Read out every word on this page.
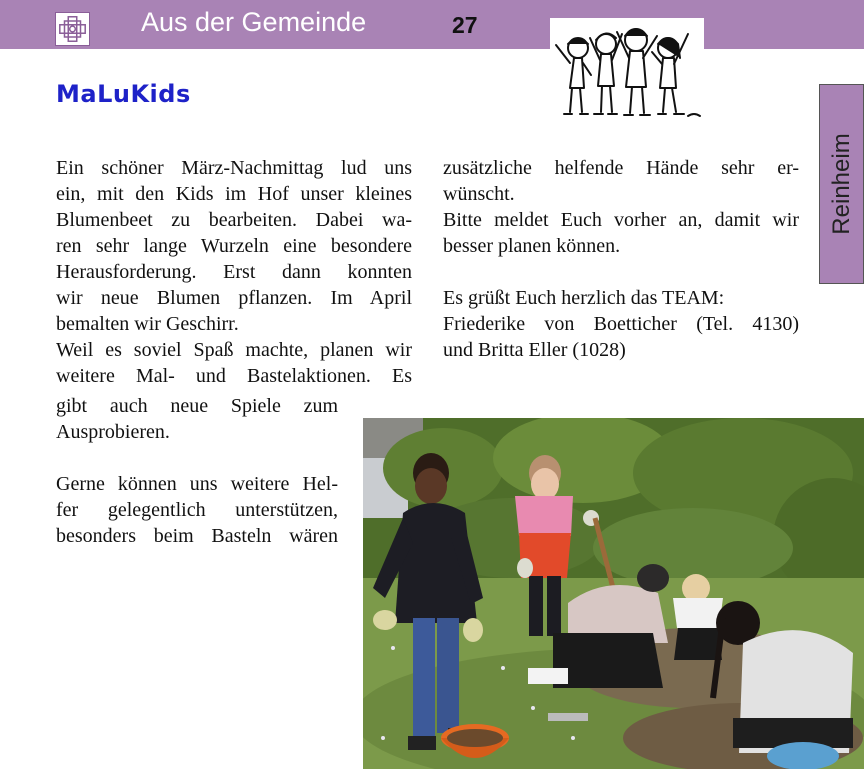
Aus der Gemeinde	27
Reinheim
MaLuKids

Ein schöner März-Nachmittag lud uns

ein, mit den Kids im Hof unser kleines

Blumenbeet zu bearbeiten. Dabei wa-

ren sehr lange Wurzeln eine besondere

Herausforderung. Erst dann konnten

wir neue Blumen pflanzen. Im April

bemalten wir Geschirr.

Weil es soviel Spaß machte, planen wir

weitere Mal- und Bastelaktionen. Es

gibt auch neue Spiele zum

Ausprobieren.

Gerne können uns weitere Hel-

fer gelegentlich unterstützen,

besonders beim Basteln wären

zusätzliche helfende Hände sehr er-

wünscht.

Bitte meldet Euch vorher an, damit wir

besser planen können.

Es grüßt Euch herzlich das TEAM:

Friederike von Boetticher (Tel. 4130)

und Britta Eller (1028)
